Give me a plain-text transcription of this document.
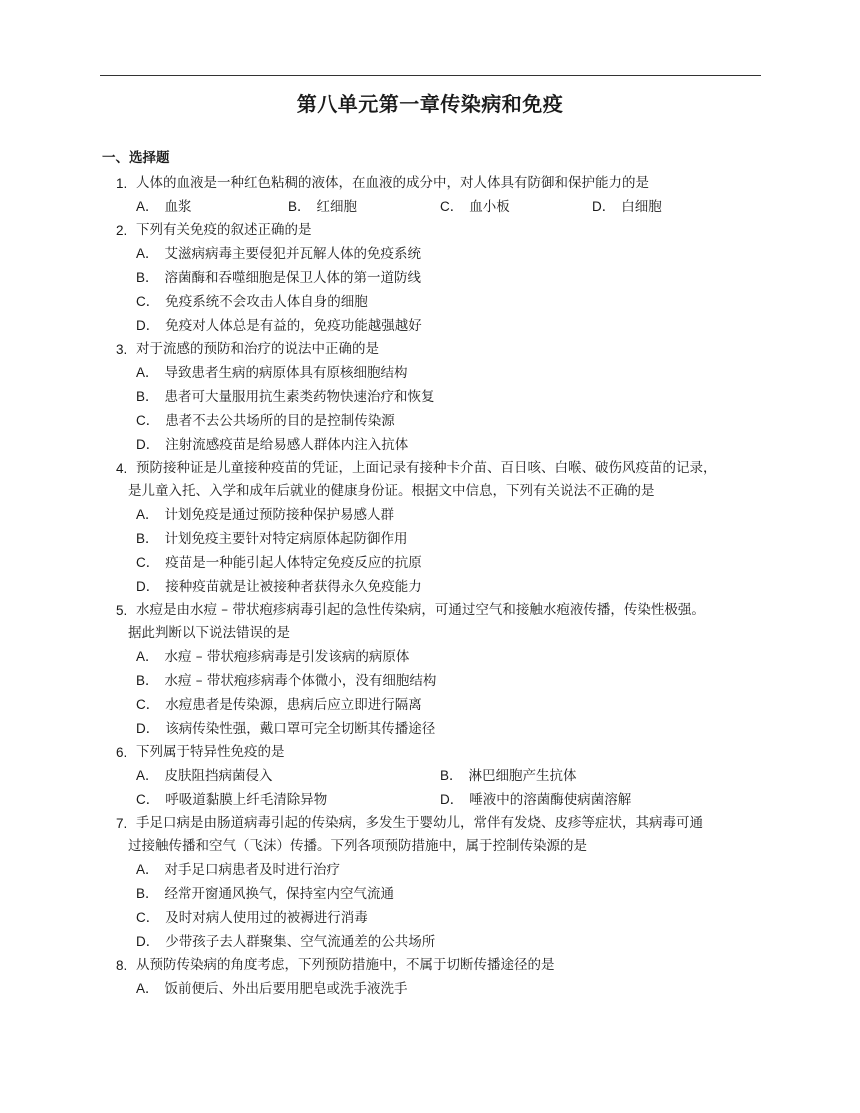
第八单元第一章传染病和免疫
一、选择题
1. 人体的血液是一种红色粘稠的液体，在血液的成分中，对人体具有防御和保护能力的是
A． 血浆	B． 红细胞	C． 血小板	D． 白细胞
2. 下列有关免疫的叙述正确的是
A． 艾滋病病毒主要侵犯并瓦解人体的免疫系统
B． 溶菌酶和吞噬细胞是保卫人体的第一道防线
C． 免疫系统不会攻击人体自身的细胞
D． 免疫对人体总是有益的，免疫功能越强越好
3. 对于流感的预防和治疗的说法中正确的是
A． 导致患者生病的病原体具有原核细胞结构
B． 患者可大量服用抗生素类药物快速治疗和恢复
C． 患者不去公共场所的目的是控制传染源
D． 注射流感疫苗是给易感人群体内注入抗体
4. 预防接种证是儿童接种疫苗的凭证，上面记录有接种卡介苗、百日咳、白喉、破伤风疫苗的记录，
是儿童入托、入学和成年后就业的健康身份证。根据文中信息，下列有关说法不正确的是
A． 计划免疫是通过预防接种保护易感人群
B． 计划免疫主要针对特定病原体起防御作用
C． 疫苗是一种能引起人体特定免疫反应的抗原
D． 接种疫苗就是让被接种者获得永久免疫能力
5. 水痘是由水痘 – 带状疱疹病毒引起的急性传染病，可通过空气和接触水疱液传播，传染性极强。
据此判断以下说法错误的是
A． 水痘 – 带状疱疹病毒是引发该病的病原体
B． 水痘 – 带状疱疹病毒个体微小，没有细胞结构
C． 水痘患者是传染源，患病后应立即进行隔离
D． 该病传染性强，戴口罩可完全切断其传播途径
6. 下列属于特异性免疫的是
A． 皮肤阻挡病菌侵入	B． 淋巴细胞产生抗体
C． 呼吸道黏膜上纤毛清除异物	D． 唾液中的溶菌酶使病菌溶解
7. 手足口病是由肠道病毒引起的传染病，多发生于婴幼儿，常伴有发烧、皮疹等症状，其病毒可通
过接触传播和空气（飞沫）传播。下列各项预防措施中，属于控制传染源的是
A． 对手足口病患者及时进行治疗
B． 经常开窗通风换气，保持室内空气流通
C． 及时对病人使用过的被褥进行消毒
D． 少带孩子去人群聚集、空气流通差的公共场所
8. 从预防传染病的角度考虑，下列预防措施中，不属于切断传播途径的是
A． 饭前便后、外出后要用肥皂或洗手液洗手
